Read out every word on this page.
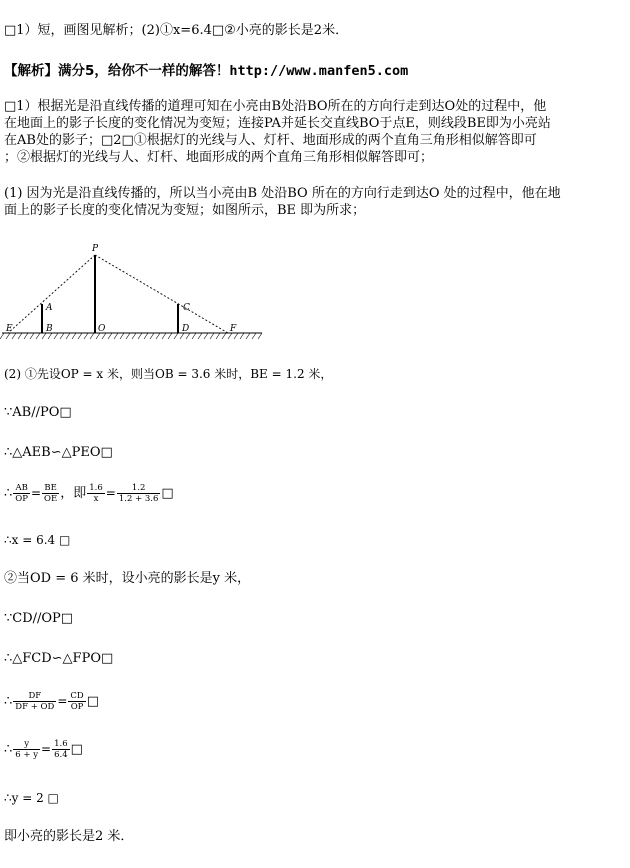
□1）短，画图见解析；(2)①x=6.4□②小亮的影长是2米．
【解析】满分5，给你不一样的解答！http://www.manfen5.com
□1）根据光是沿直线传播的道理可知在小亮由B处沿BO所在的方向行走到达O处的过程中，他
在地面上的影子长度的变化情况为变短；连接PA并延长交直线BO于点E，则线段BE即为小亮站
在AB处的影子；□2□①根据灯的光线与人、灯杆、地面形成的两个直角三角形相似解答即可
；②根据灯的光线与人、灯杆、地面形成的两个直角三角形相似解答即可；
(1) 因为光是沿直线传播的，所以当小亮由B 处沿BO 所在的方向行走到达O 处的过程中，他在地
面上的影子长度的变化情况为变短；如图所示，BE 即为所求；
P
A	C
E	B	O	D	F
(2) ①先设OP = x 米，则当OB = 3.6 米时，BE = 1.2 米，
∵AB//PO□
∴△AEB∽△PEO□
∴ $\frac{AB}{OP} = \frac{BE}{OE}$ ，即 $\frac{1.6}{x} = \frac{1.2}{1.2 + 3.6}$ □
∴x = 6.4 □
②当OD = 6 米时，设小亮的影长是y 米，
∵CD//OP□
∴△FCD∽△FPO□
∴ $\frac{DF}{DF + OD} = \frac{CD}{OP}$ □
∴ $\frac{y}{6 + y} = \frac{1.6}{6.4}$ □
∴y = 2 □
即小亮的影长是2 米．
